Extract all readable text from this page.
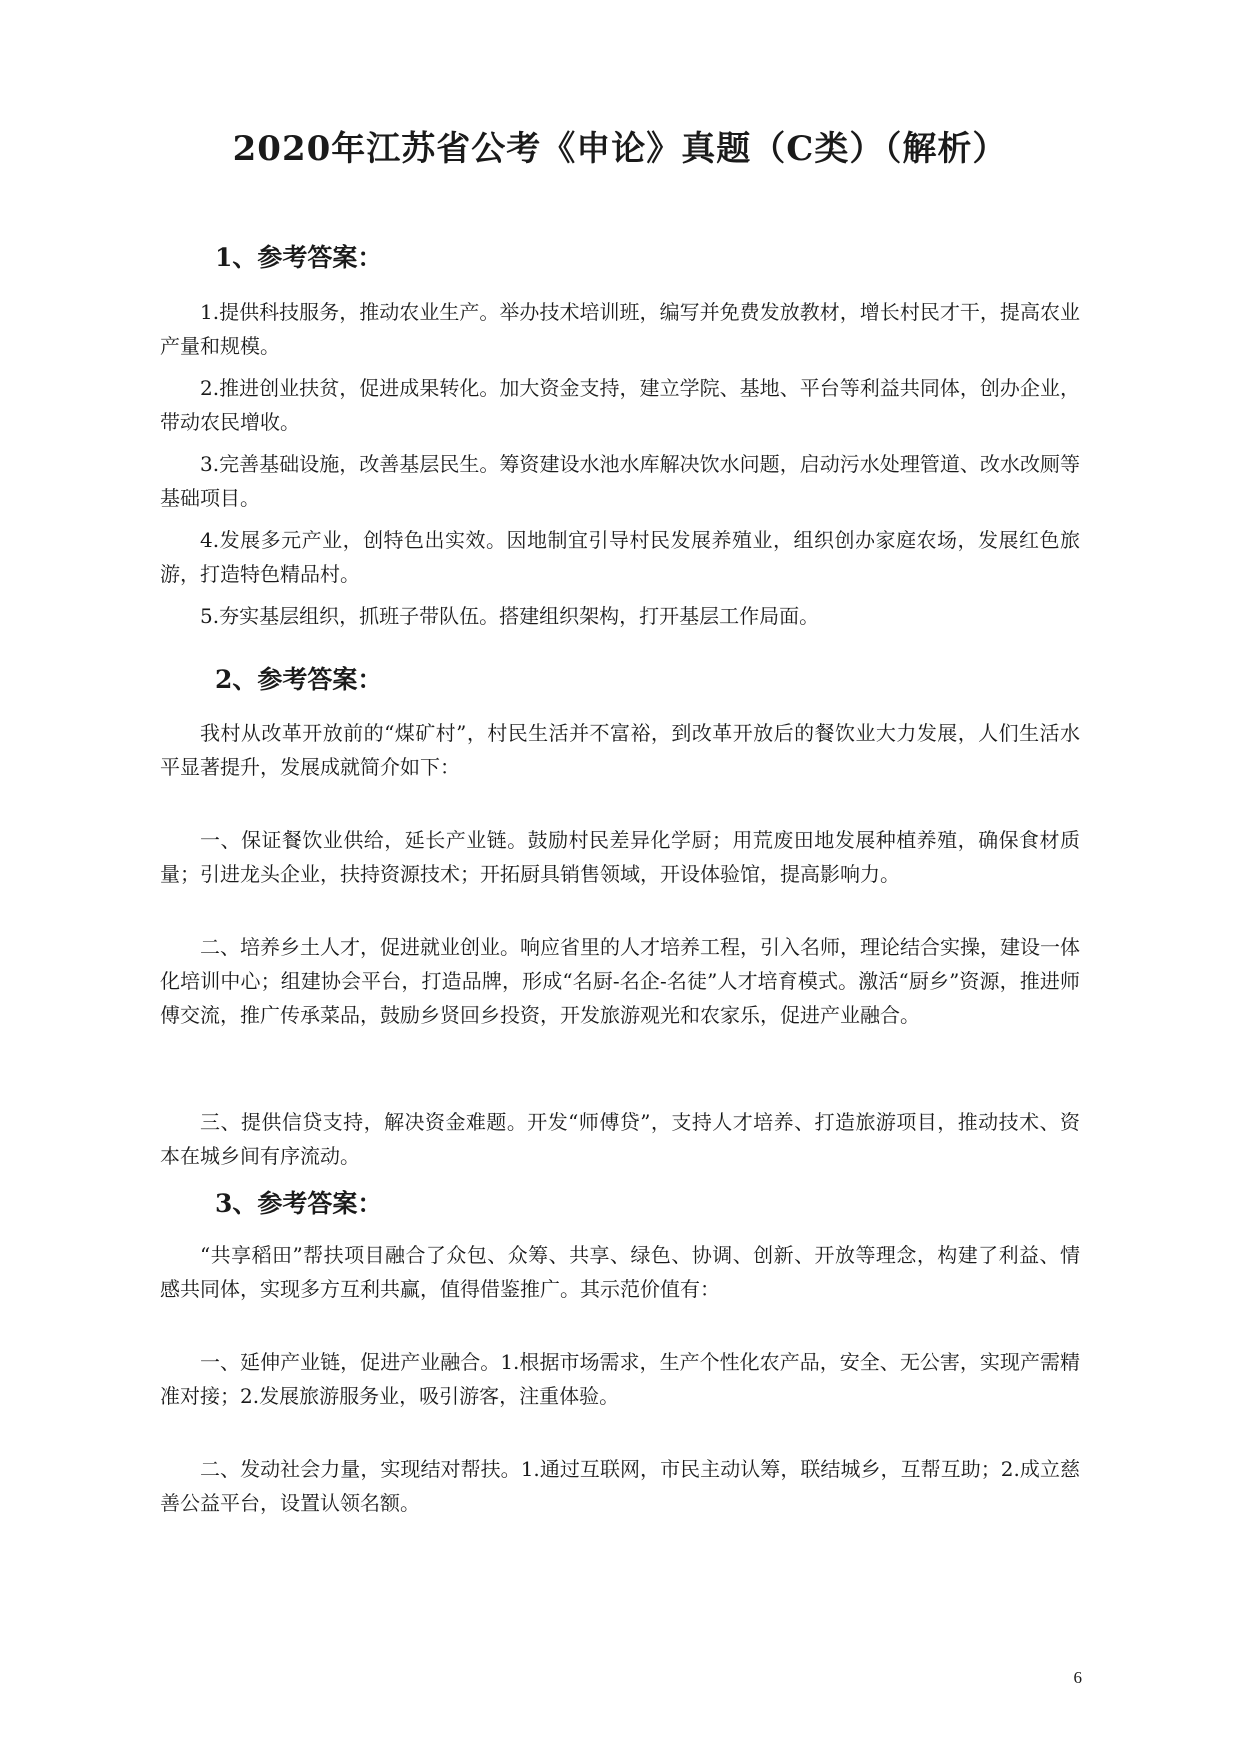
2020年江苏省公考《申论》真题（C类）（解析）
1、参考答案：

1.提供科技服务，推动农业生产。举办技术培训班，编写并免费发放教材，增长村民才干，提高农业产量和规模。

2.推进创业扶贫，促进成果转化。加大资金支持，建立学院、基地、平台等利益共同体，创办企业，带动农民增收。

3.完善基础设施，改善基层民生。筹资建设水池水库解决饮水问题，启动污水处理管道、改水改厕等基础项目。

4.发展多元产业，创特色出实效。因地制宜引导村民发展养殖业，组织创办家庭农场，发展红色旅游，打造特色精品村。

5.夯实基层组织，抓班子带队伍。搭建组织架构，打开基层工作局面。

2、参考答案：

我村从改革开放前的“煤矿村”，村民生活并不富裕，到改革开放后的餐饮业大力发展，人们生活水平显著提升，发展成就简介如下：

一、保证餐饮业供给，延长产业链。鼓励村民差异化学厨；用荒废田地发展种植养殖，确保食材质量；引进龙头企业，扶持资源技术；开拓厨具销售领域，开设体验馆，提高影响力。

二、培养乡土人才，促进就业创业。响应省里的人才培养工程，引入名师，理论结合实操，建设一体化培训中心；组建协会平台，打造品牌，形成“名厨-名企-名徒”人才培育模式。激活“厨乡”资源，推进师傅交流，推广传承菜品，鼓励乡贤回乡投资，开发旅游观光和农家乐，促进产业融合。

三、提供信贷支持，解决资金难题。开发“师傅贷”，支持人才培养、打造旅游项目，推动技术、资本在城乡间有序流动。

3、参考答案：

“共享稻田”帮扶项目融合了众包、众筹、共享、绿色、协调、创新、开放等理念，构建了利益、情感共同体，实现多方互利共赢，值得借鉴推广。其示范价值有：

一、延伸产业链，促进产业融合。1.根据市场需求，生产个性化农产品，安全、无公害，实现产需精准对接；2.发展旅游服务业，吸引游客，注重体验。

二、发动社会力量，实现结对帮扶。1.通过互联网，市民主动认筹，联结城乡，互帮互助；2.成立慈善公益平台，设置认领名额。

6
